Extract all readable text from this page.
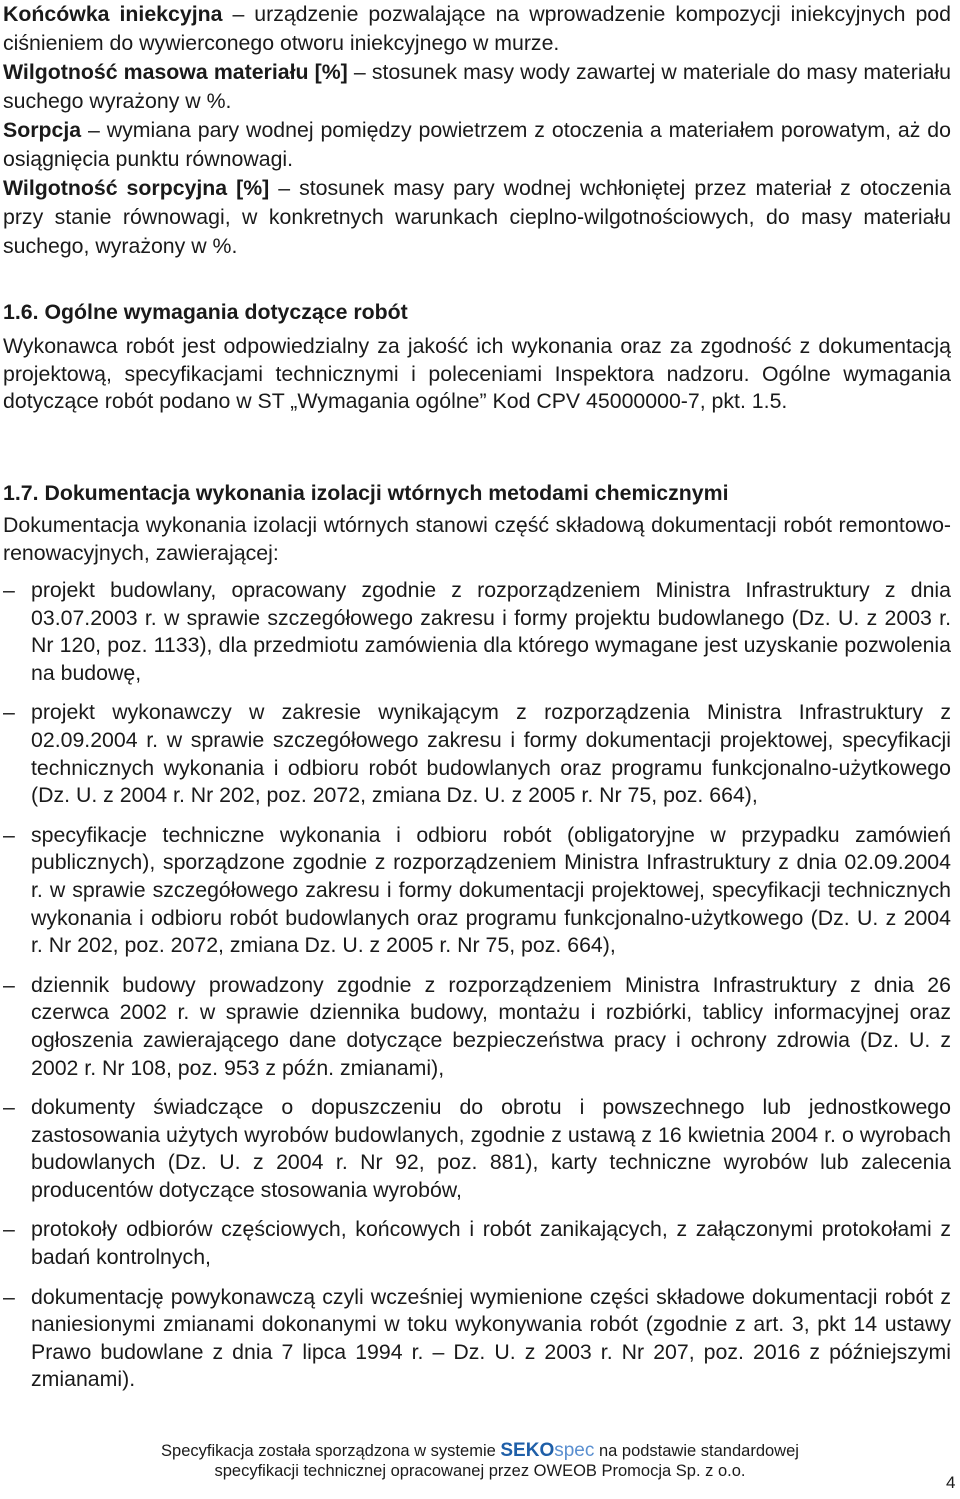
Końcówka iniekcyjna – urządzenie pozwalające na wprowadzenie kompozycji iniekcyjnych pod ciśnieniem do wywierconego otworu iniekcyjnego w murze.

Wilgotność masowa materiału [%] – stosunek masy wody zawartej w materiale do masy materiału suchego wyrażony w %.

Sorpcja – wymiana pary wodnej pomiędzy powietrzem z otoczenia a materiałem porowatym, aż do osiągnięcia punktu równowagi.

Wilgotność sorpcyjna [%] – stosunek masy pary wodnej wchłoniętej przez materiał z otoczenia przy stanie równowagi, w konkretnych warunkach cieplno-wilgotnościowych, do masy materiału suchego, wyrażony w %.

1.6. Ogólne wymagania dotyczące robót

Wykonawca robót jest odpowiedzialny za jakość ich wykonania oraz za zgodność z dokumentacją projektową, specyfikacjami technicznymi i poleceniami Inspektora nadzoru. Ogólne wymagania dotyczące robót podano w ST „Wymagania ogólne” Kod CPV 45000000-7, pkt. 1.5.

1.7. Dokumentacja wykonania izolacji wtórnych metodami chemicznymi

Dokumentacja wykonania izolacji wtórnych stanowi część składową dokumentacji robót remontowo-renowacyjnych, zawierającej:

– projekt budowlany, opracowany zgodnie z rozporządzeniem Ministra Infrastruktury z dnia 03.07.2003 r. w sprawie szczegółowego zakresu i formy projektu budowlanego (Dz. U. z 2003 r. Nr 120, poz. 1133), dla przedmiotu zamówienia dla którego wymagane jest uzyskanie pozwolenia na budowę,
– projekt wykonawczy w zakresie wynikającym z rozporządzenia Ministra Infrastruktury z 02.09.2004 r. w sprawie szczegółowego zakresu i formy dokumentacji projektowej, specyfikacji technicznych wykonania i odbioru robót budowlanych oraz programu funkcjonalno-użytkowego (Dz. U. z 2004 r. Nr 202, poz. 2072, zmiana Dz. U. z 2005 r. Nr 75, poz. 664),
– specyfikacje techniczne wykonania i odbioru robót (obligatoryjne w przypadku zamówień publicznych), sporządzone zgodnie z rozporządzeniem Ministra Infrastruktury z dnia 02.09.2004 r. w sprawie szczegółowego zakresu i formy dokumentacji projektowej, specyfikacji technicznych wykonania i odbioru robót budowlanych oraz programu funkcjonalno-użytkowego (Dz. U. z 2004 r. Nr 202, poz. 2072, zmiana Dz. U. z 2005 r. Nr 75, poz. 664),
– dziennik budowy prowadzony zgodnie z rozporządzeniem Ministra Infrastruktury z dnia 26 czerwca 2002 r. w sprawie dziennika budowy, montażu i rozbiórki, tablicy informacyjnej oraz ogłoszenia zawierającego dane dotyczące bezpieczeństwa pracy i ochrony zdrowia (Dz. U. z 2002 r. Nr 108, poz. 953 z późn. zmianami),
– dokumenty świadczące o dopuszczeniu do obrotu i powszechnego lub jednostkowego zastosowania użytych wyrobów budowlanych, zgodnie z ustawą z 16 kwietnia 2004 r. o wyrobach budowlanych (Dz. U. z 2004 r. Nr 92, poz. 881), karty techniczne wyrobów lub zalecenia producentów dotyczące stosowania wyrobów,
– protokoły odbiorów częściowych, końcowych i robót zanikających, z załączonymi protokołami z badań kontrolnych,
– dokumentację powykonawczą czyli wcześniej wymienione części składowe dokumentacji robót z naniesionymi zmianami dokonanymi w toku wykonywania robót (zgodnie z art. 3, pkt 14 ustawy Prawo budowlane z dnia 7 lipca 1994 r. – Dz. U. z 2003 r. Nr 207, poz. 2016 z późniejszymi zmianami).
Specyfikacja została sporządzona w systemie SEKOspec na podstawie standardowej
specyfikacji technicznej opracowanej przez OWEOB Promocja Sp. z o.o.
4
